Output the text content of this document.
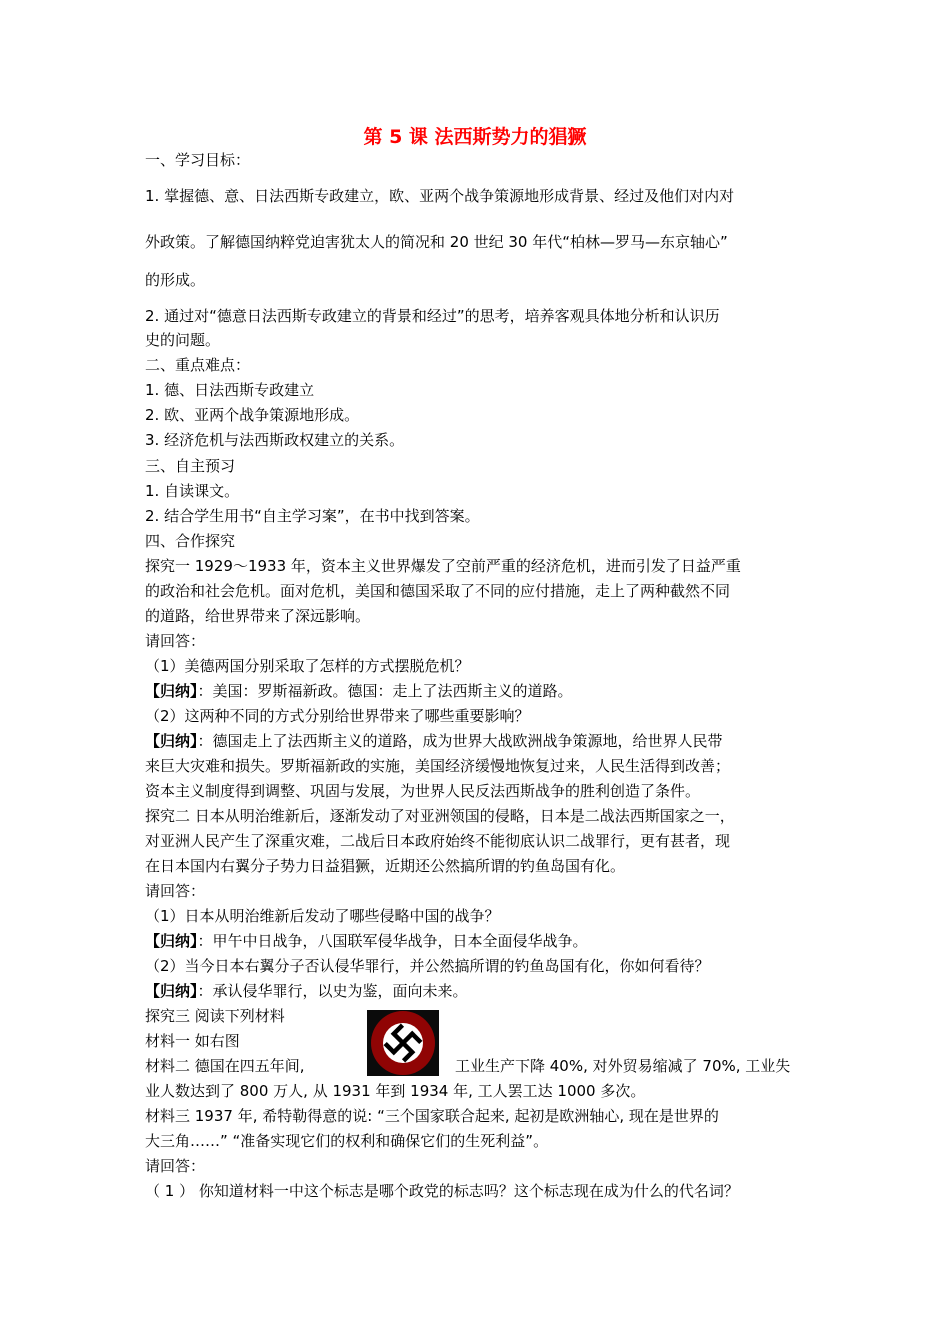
第 5 课 法西斯势力的猖獗
一、学习目标：
1. 掌握德、意、日法西斯专政建立，欧、亚两个战争策源地形成背景、经过及他们对内对
外政策。了解德国纳粹党迫害犹太人的简况和 20 世纪 30 年代“柏林—罗马—东京轴心”
的形成。
2. 通过对“德意日法西斯专政建立的背景和经过”的思考，培养客观具体地分析和认识历
史的问题。
二、重点难点：
1. 德、日法西斯专政建立
2. 欧、亚两个战争策源地形成。
3. 经济危机与法西斯政权建立的关系。
三、自主预习
1. 自读课文。
2. 结合学生用书“自主学习案”，在书中找到答案。
四、合作探究
探究一 1929～1933 年，资本主义世界爆发了空前严重的经济危机，进而引发了日益严重
的政治和社会危机。面对危机，美国和德国采取了不同的应付措施，走上了两种截然不同
的道路，给世界带来了深远影响。
请回答：
（1）美德两国分别采取了怎样的方式摆脱危机？
【归纳】：美国：罗斯福新政。德国：走上了法西斯主义的道路。
（2）这两种不同的方式分别给世界带来了哪些重要影响？
【归纳】：德国走上了法西斯主义的道路，成为世界大战欧洲战争策源地，给世界人民带
来巨大灾难和损失。罗斯福新政的实施，美国经济缓慢地恢复过来，人民生活得到改善；
资本主义制度得到调整、巩固与发展，为世界人民反法西斯战争的胜利创造了条件。
探究二 日本从明治维新后，逐渐发动了对亚洲领国的侵略，日本是二战法西斯国家之一，
对亚洲人民产生了深重灾难，二战后日本政府始终不能彻底认识二战罪行，更有甚者，现
在日本国内右翼分子势力日益猖獗，近期还公然搞所谓的钓鱼岛国有化。
请回答：
（1）日本从明治维新后发动了哪些侵略中国的战争？
【归纳】：甲午中日战争，八国联军侵华战争，日本全面侵华战争。
（2）当今日本右翼分子否认侵华罪行，并公然搞所谓的钓鱼岛国有化，你如何看待？
【归纳】：承认侵华罪行，以史为鉴，面向未来。
探究三 阅读下列材料
材料一 如右图
材料二 德国在四五年间,	工业生产下降 40%, 对外贸易缩减了 70%, 工业失
业人数达到了 800 万人, 从 1931 年到 1934 年, 工人罢工达 1000 多次。
材料三 1937 年, 希特勒得意的说: “三个国家联合起来, 起初是欧洲轴心, 现在是世界的
大三角……” “准备实现它们的权利和确保它们的生死利益”。
请回答：
（ 1 ） 你知道材料一中这个标志是哪个政党的标志吗？这个标志现在成为什么的代名词？
